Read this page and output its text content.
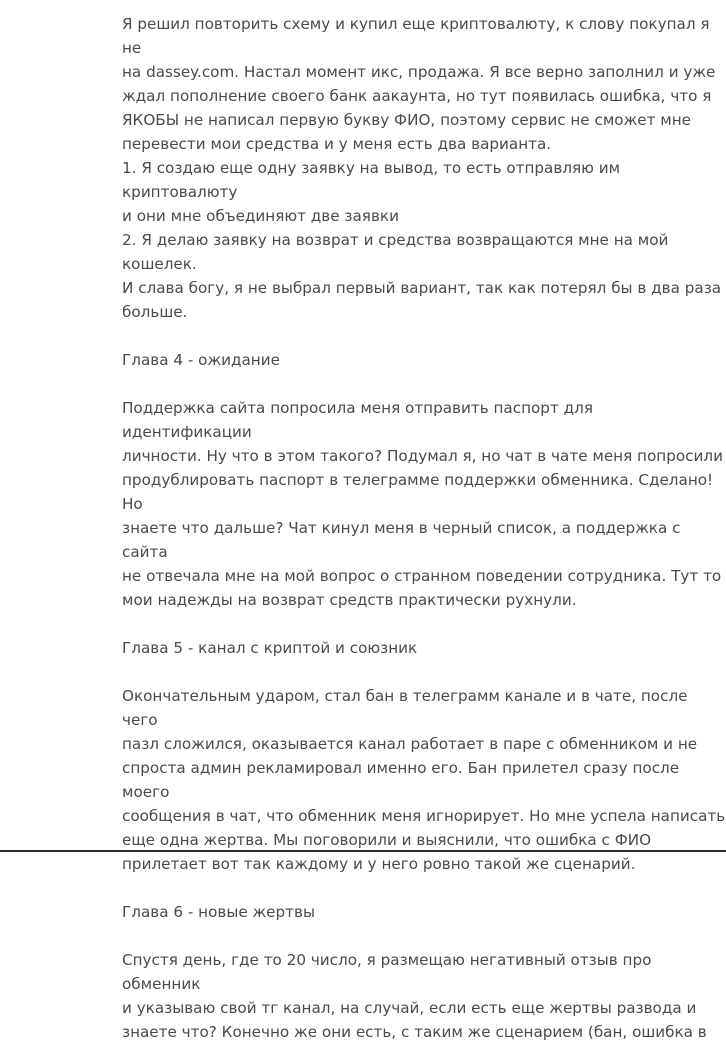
Я решил повторить схему и купил еще криптовалюту, к слову покупал я не
на dassey.com. Настал момент икс, продажа. Я все верно заполнил и уже
ждал пополнение своего банк аакаунта, но тут появилась ошибка, что я
ЯКОБЫ не написал первую букву ФИО, поэтому сервис не сможет мне
перевести мои средства и у меня есть два варианта.
1. Я создаю еще одну заявку на вывод, то есть отправляю им криптовалюту
и они мне объединяют две заявки
2. Я делаю заявку на возврат и средства возвращаются мне на мой
кошелек.
И слава богу, я не выбрал первый вариант, так как потерял бы в два раза
больше.

Глава 4 - ожидание

Поддержка сайта попросила меня отправить паспорт для идентификации
личности. Ну что в этом такого? Подумал я, но чат в чате меня попросили
продублировать паспорт в телеграмме поддержки обменника. Сделано! Но
знаете что дальше? Чат кинул меня в черный список, а поддержка с сайта
не отвечала мне на мой вопрос о странном поведении сотрудника. Тут то
мои надежды на возврат средств практически рухнули.

Глава 5 - канал с криптой и союзник

Окончательным ударом, стал бан в телеграмм канале и в чате, после чего
пазл сложился, оказывается канал работает в паре с обменником и не
спроста админ рекламировал именно его. Бан прилетел сразу после моего
сообщения в чат, что обменник меня игнорирует. Но мне успела написать
еще одна жертва. Мы поговорили и выяснили, что ошибка с ФИО
прилетает вот так каждому и у него ровно такой же сценарий.

Глава 6 - новые жертвы

Спустя день, где то 20 число, я размещаю негативный отзыв про обменник
и указываю свой тг канал, на случай, если есть еще жертвы развода и
знаете что? Конечно же они есть, с таким же сценарием (бан, ошибка в
